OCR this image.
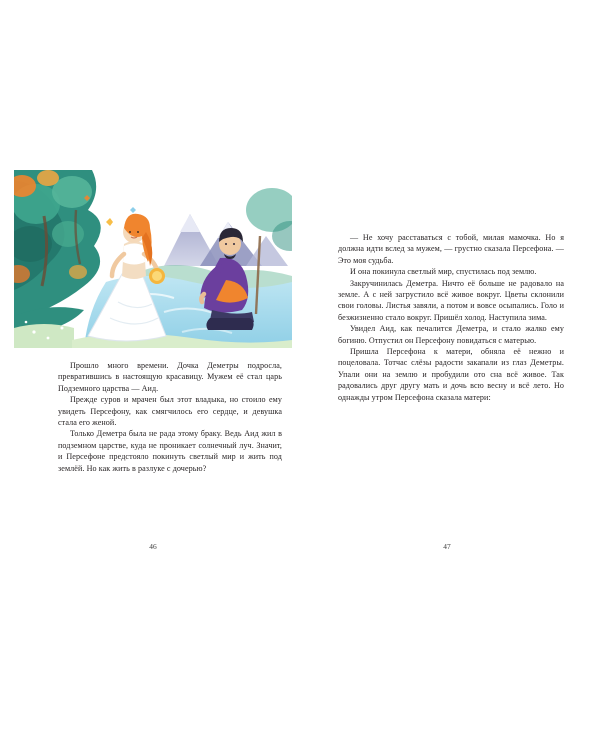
Прошло много времени. Дочка Деметры подросла, превратившись в настоящую красавицу. Мужем её стал царь Подземного царства — Аид.

Прежде суров и мрачен был этот владыка, но стоило ему увидеть Персефону, как смягчилось его сердце, и девушка стала его женой.

Только Деметра была не рада этому браку. Ведь Аид жил в подземном царстве, куда не проникает солнечный луч. Значит, и Персефоне предстояло покинуть светлый мир и жить под землёй. Но как жить в разлуке с дочерью?

46

— Не хочу расставаться с тобой, милая мамочка. Но я должна идти вслед за мужем, — грустно сказала Персефона. — Это моя судьба.

И она покинула светлый мир, спустилась под землю.

Закручинилась Деметра. Ничто её больше не радовало на земле. А с ней загрустило всё живое вокруг. Цветы склонили свои головы. Листья завяли, а потом и вовсе осыпались. Голо и безжизненно стало вокруг. Пришёл холод. Наступила зима.

Увидел Аид, как печалится Деметра, и стало жалко ему богиню. Отпустил он Персефону повидаться с матерью.

Пришла Персефона к матери, обняла её нежно и поцеловала. Тотчас слёзы радости закапали из глаз Деметры. Упали они на землю и пробудили ото сна всё живое. Так радовались друг другу мать и дочь всю весну и всё лето. Но однажды утром Персефона сказала матери:

47
